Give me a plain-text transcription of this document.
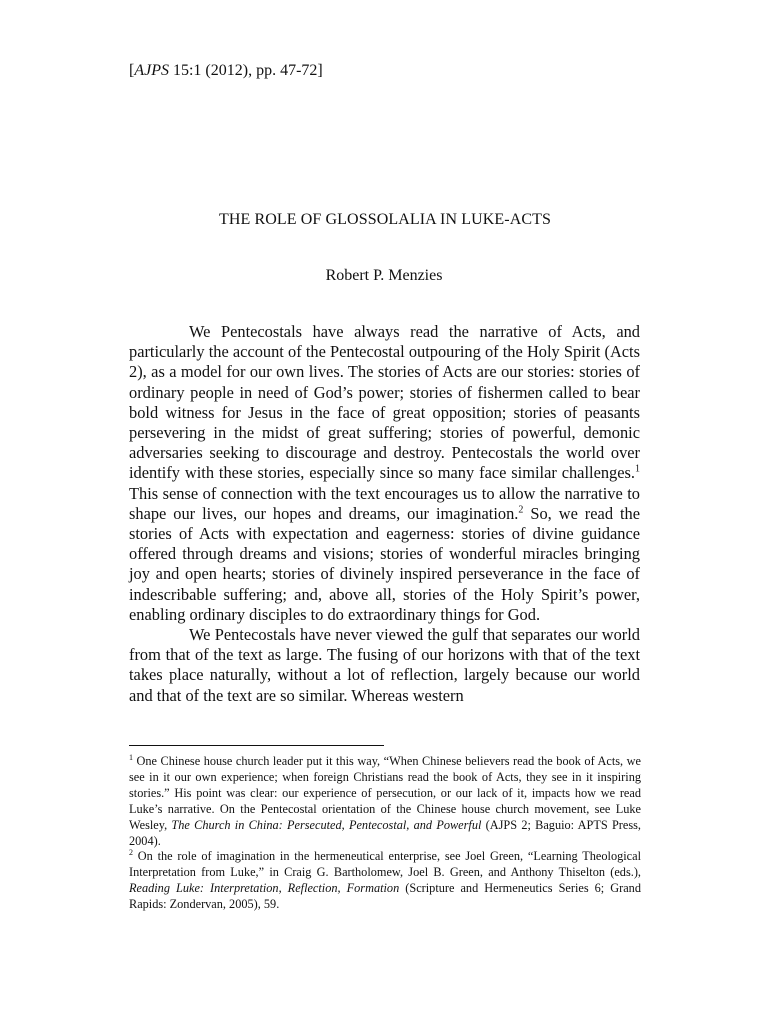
[AJPS 15:1 (2012), pp. 47-72]
THE ROLE OF GLOSSOLALIA IN LUKE-ACTS
Robert P. Menzies

We Pentecostals have always read the narrative of Acts, and particularly the account of the Pentecostal outpouring of the Holy Spirit (Acts 2), as a model for our own lives. The stories of Acts are our stories: stories of ordinary people in need of God’s power; stories of fishermen called to bear bold witness for Jesus in the face of great opposition; stories of peasants persevering in the midst of great suffering; stories of powerful, demonic adversaries seeking to discourage and destroy. Pentecostals the world over identify with these stories, especially since so many face similar challenges.$^1$ This sense of connection with the text encourages us to allow the narrative to shape our lives, our hopes and dreams, our imagination.$^2$ So, we read the stories of Acts with expectation and eagerness: stories of divine guidance offered through dreams and visions; stories of wonderful miracles bringing joy and open hearts; stories of divinely inspired perseverance in the face of indescribable suffering; and, above all, stories of the Holy Spirit’s power, enabling ordinary disciples to do extraordinary things for God.

We Pentecostals have never viewed the gulf that separates our world from that of the text as large. The fusing of our horizons with that of the text takes place naturally, without a lot of reflection, largely because our world and that of the text are so similar. Whereas western

$^1$ One Chinese house church leader put it this way, “When Chinese believers read the book of Acts, we see in it our own experience; when foreign Christians read the book of Acts, they see in it inspiring stories.” His point was clear: our experience of persecution, or our lack of it, impacts how we read Luke’s narrative. On the Pentecostal orientation of the Chinese house church movement, see Luke Wesley, The Church in China: Persecuted, Pentecostal, and Powerful (AJPS 2; Baguio: APTS Press, 2004).

$^2$ On the role of imagination in the hermeneutical enterprise, see Joel Green, “Learning Theological Interpretation from Luke,” in Craig G. Bartholomew, Joel B. Green, and Anthony Thiselton (eds.), Reading Luke: Interpretation, Reflection, Formation (Scripture and Hermeneutics Series 6; Grand Rapids: Zondervan, 2005), 59.
